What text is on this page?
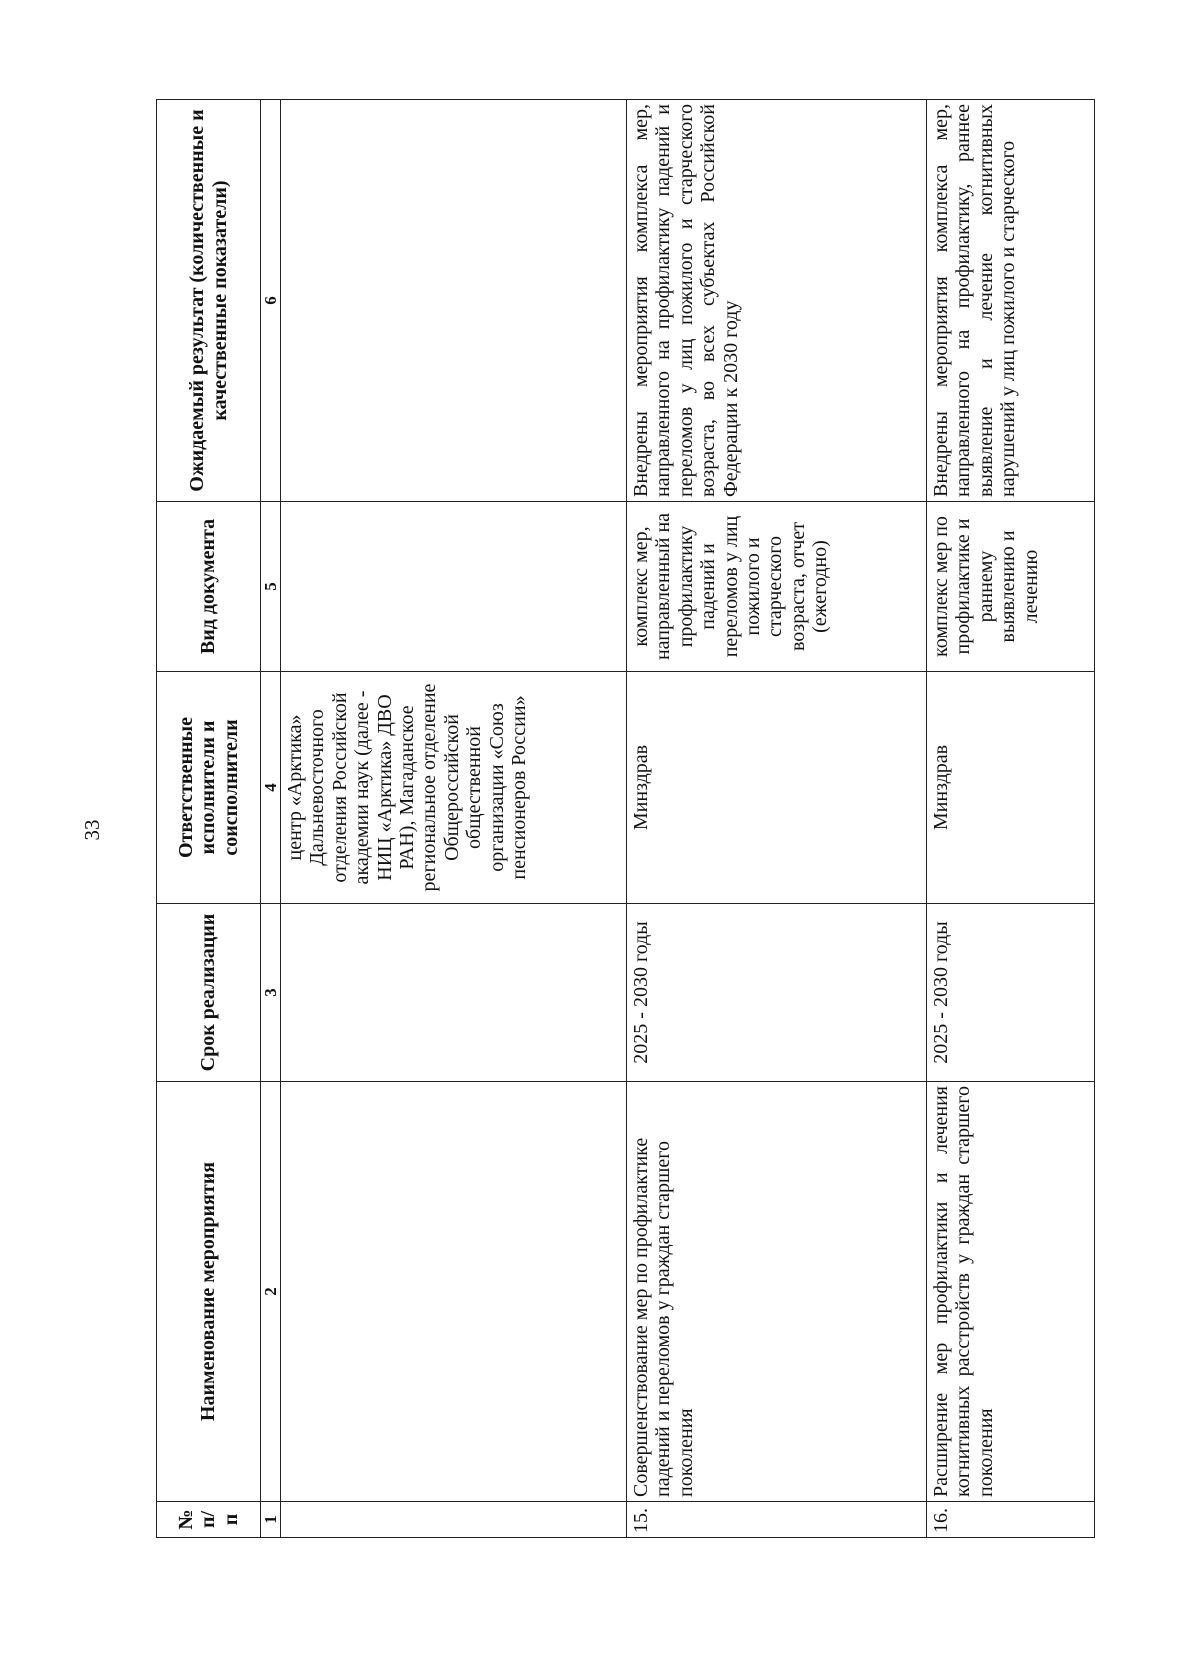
33
№ п/п	Наименование мероприятия	Срок реализации	Ответственные исполнители и соисполнители	Вид документа	Ожидаемый результат (количественные и качественные показатели)
1	2	3	4	5	6
			центр «Арктика» Дальневосточного отделения Российской академии наук (далее - НИЦ «Арктика» ДВО РАН), Магаданское региональное отделение Общероссийской общественной организации «Союз пенсионеров России»		
15.	Совершенствование мер по профилактике падений и переломов у граждан старшего поколения	2025 - 2030 годы	Минздрав	комплекс мер, направленный на профилактику падений и переломов у лиц пожилого и старческого возраста, отчет (ежегодно)	Внедрены мероприятия комплекса мер, направленного на профилактику падений и переломов у лиц пожилого и старческого возраста, во всех субъектах Российской Федерации к 2030 году
16.	Расширение мер профилактики и лечения когнитивных расстройств у граждан старшего поколения	2025 - 2030 годы	Минздрав	комплекс мер по профилактике и раннему выявлению и лечению	Внедрены мероприятия комплекса мер, направленного на профилактику, раннее выявление и лечение когнитивных нарушений у лиц пожилого и старческого
